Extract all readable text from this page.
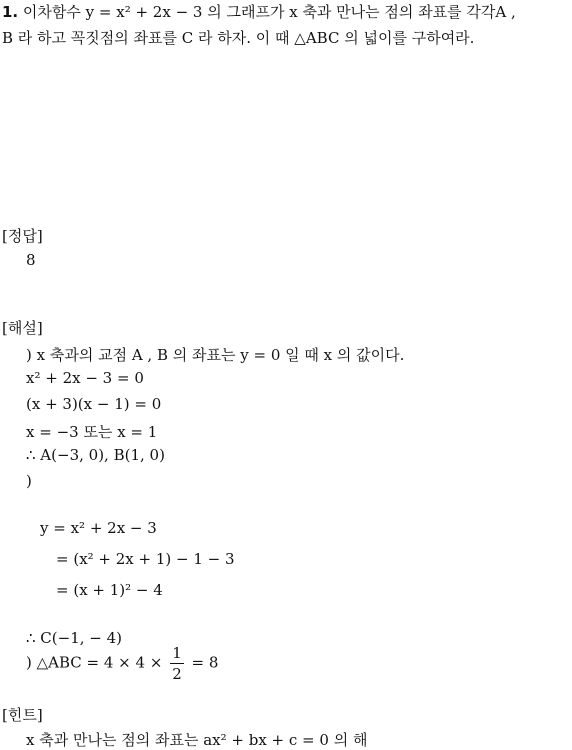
1. 이차함수 y = x² + 2x − 3 의 그래프가 x 축과 만나는 점의 좌표를 각각A ,
B 라 하고 꼭짓점의 좌표를 C 라 하자. 이 때 △ABC 의 넓이를 구하여라.
[정답]
8
[해설]
) x 축과의 교점 A , B 의 좌표는 y = 0 일 때 x 의 값이다.
x² + 2x − 3 = 0
(x + 3)(x − 1) = 0
x = −3 또는 x = 1
∴ A(−3, 0), B(1, 0)
)
y = x² + 2x − 3
= (x² + 2x + 1) − 1 − 3
= (x + 1)² − 4
∴ C(−1, − 4)
) △ABC = $4 \times 4 \times \frac{1}{2} = 8$
[힌트]
x 축과 만나는 점의 좌표는 ax² + bx + c = 0 의 해
